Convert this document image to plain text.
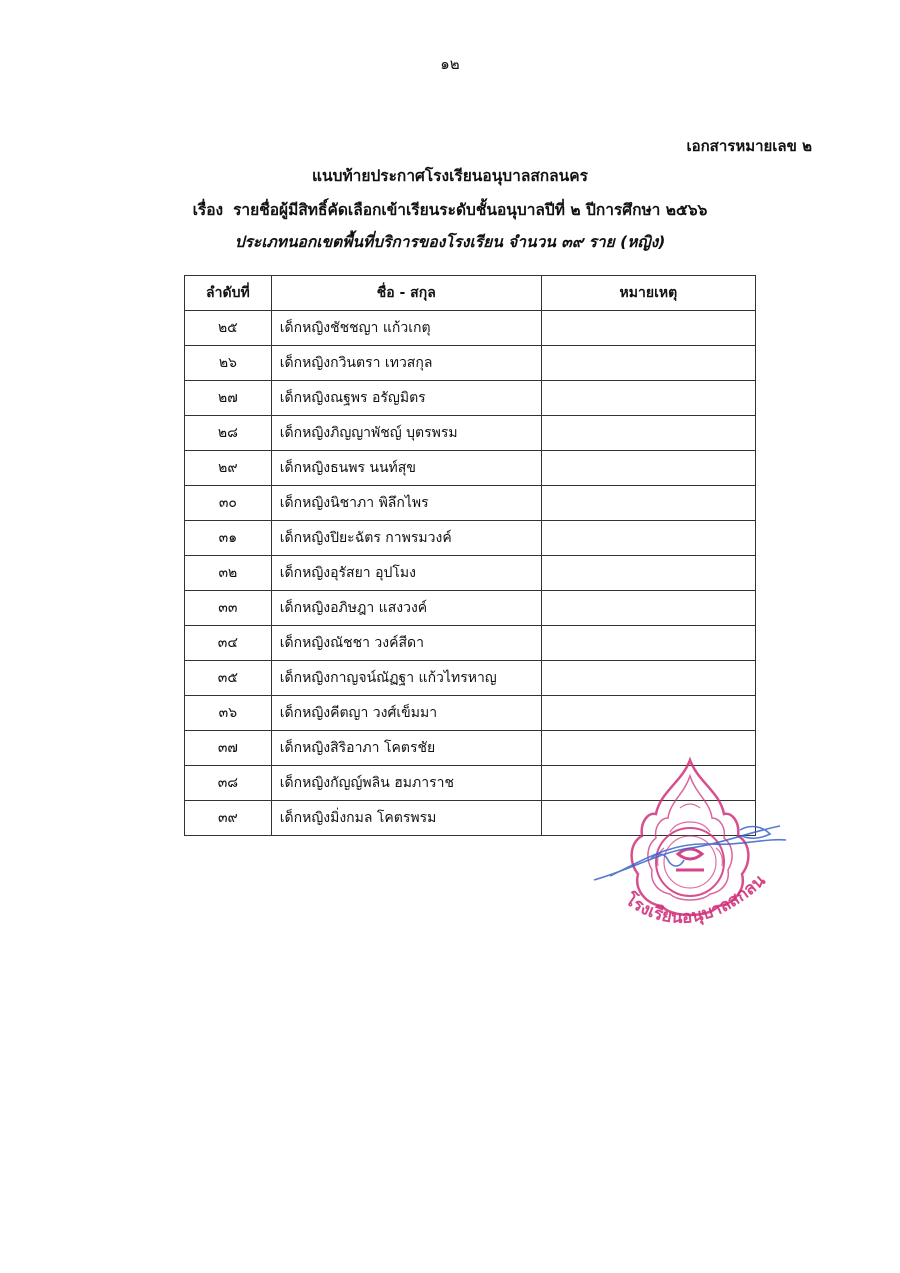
๑๒
เอกสารหมายเลข ๒
แนบท้ายประกาศโรงเรียนอนุบาลสกลนคร
เรื่อง รายชื่อผู้มีสิทธิ์คัดเลือกเข้าเรียนระดับชั้นอนุบาลปีที่ ๒ ปีการศึกษา ๒๕๖๖
ประเภทนอกเขตพื้นที่บริการของโรงเรียน จำนวน ๓๙ ราย (หญิง)
ลำดับที่	ชื่อ - สกุล	หมายเหตุ
๒๕	เด็กหญิงชัชชญา แก้วเกตุ	
๒๖	เด็กหญิงกวินตรา เทวสกุล	
๒๗	เด็กหญิงณฐพร อรัญมิตร	
๒๘	เด็กหญิงภิญญาพัชญ์ บุตรพรม	
๒๙	เด็กหญิงธนพร นนท์สุข	
๓๐	เด็กหญิงนิชาภา พิลึกไพร	
๓๑	เด็กหญิงปิยะฉัตร กาพรมวงค์	
๓๒	เด็กหญิงอุรัสยา อุปโมง	
๓๓	เด็กหญิงอภิษฎา แสงวงค์	
๓๔	เด็กหญิงณัชชา วงค์สีดา	
๓๕	เด็กหญิงกาญจน์ณัฏฐา แก้วไทรหาญ	
๓๖	เด็กหญิงคีตญา วงศ์เข็มมา	
๓๗	เด็กหญิงสิริอาภา โคตรชัย	
๓๘	เด็กหญิงกัญญ์พลิน ฮมภาราช	
๓๙	เด็กหญิงมิ่งกมล โคตรพรม	
โรงเรียนอนุบาลสกลน
